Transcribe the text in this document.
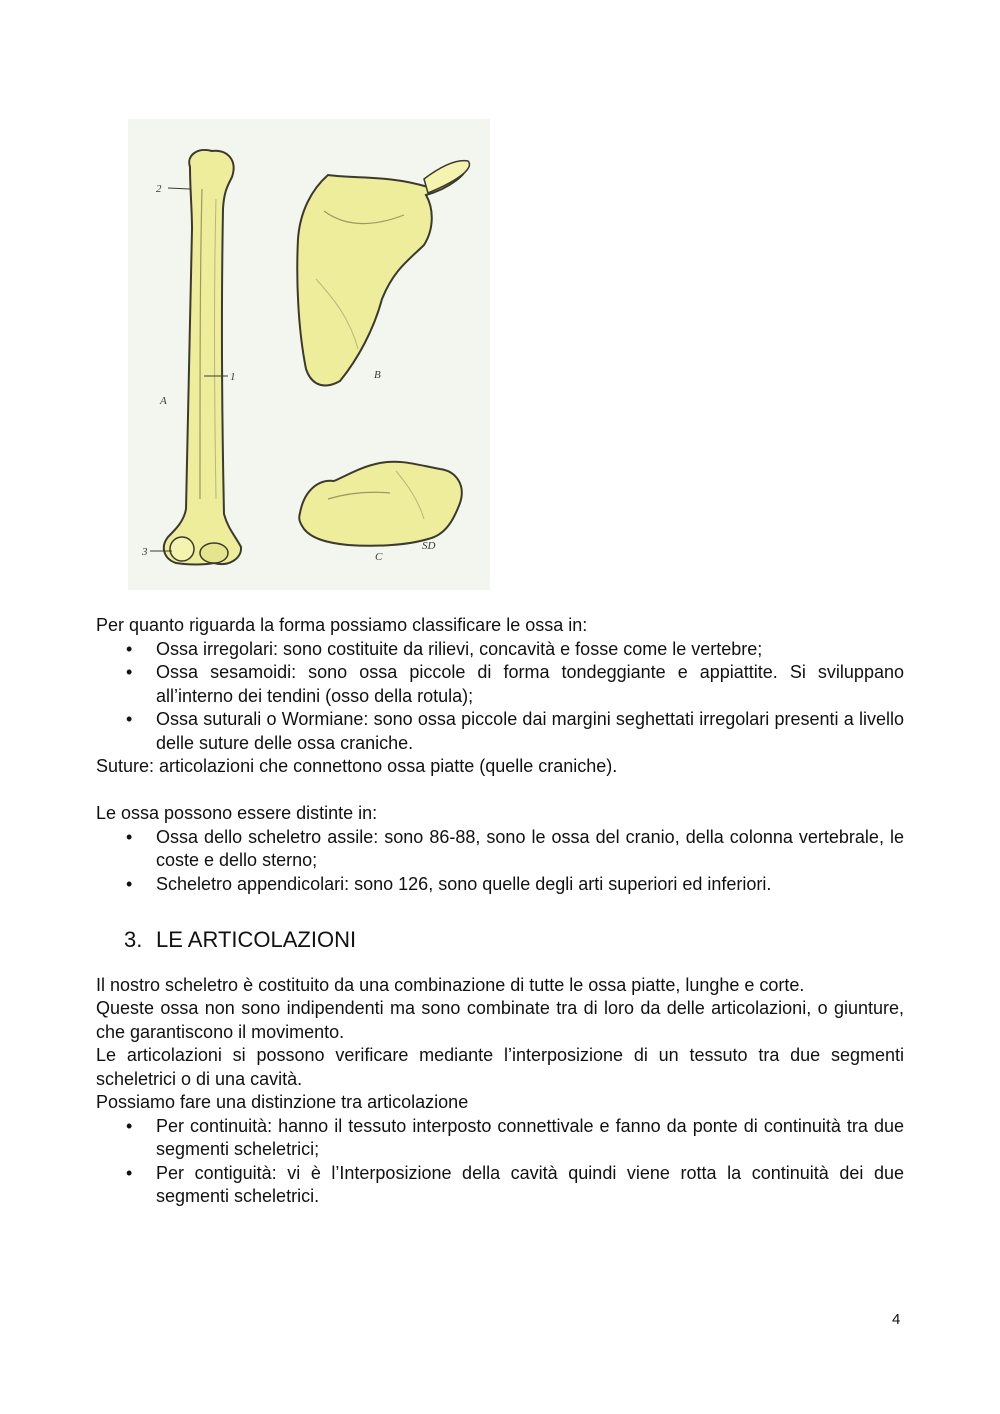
2
1
3
A
B
C
SD

Per quanto riguarda la forma possiamo classificare le ossa in:

• Ossa irregolari: sono costituite da rilievi, concavità e fosse come le vertebre;
• Ossa sesamoidi: sono ossa piccole di forma tondeggiante e appiattite. Si sviluppano all’interno dei tendini (osso della rotula);
• Ossa suturali o Wormiane: sono ossa piccole dai margini seghettati irregolari presenti a livello delle suture delle ossa craniche.

Suture: articolazioni che connettono ossa piatte (quelle craniche).

Le ossa possono essere distinte in:

• Ossa dello scheletro assile: sono 86-88, sono le ossa del cranio, della colonna vertebrale, le coste e dello sterno;
• Scheletro appendicolari: sono 126, sono quelle degli arti superiori ed inferiori.
3. LE ARTICOLAZIONI

Il nostro scheletro è costituito da una combinazione di tutte le ossa piatte, lunghe e corte.

Queste ossa non sono indipendenti ma sono combinate tra di loro da delle articolazioni, o giunture, che garantiscono il movimento.

Le articolazioni si possono verificare mediante l’interposizione di un tessuto tra due segmenti scheletrici o di una cavità.

Possiamo fare una distinzione tra articolazione

• Per continuità: hanno il tessuto interposto connettivale e fanno da ponte di continuità tra due segmenti scheletrici;
• Per contiguità: vi è l’Interposizione della cavità quindi viene rotta la continuità dei due segmenti scheletrici.
4
